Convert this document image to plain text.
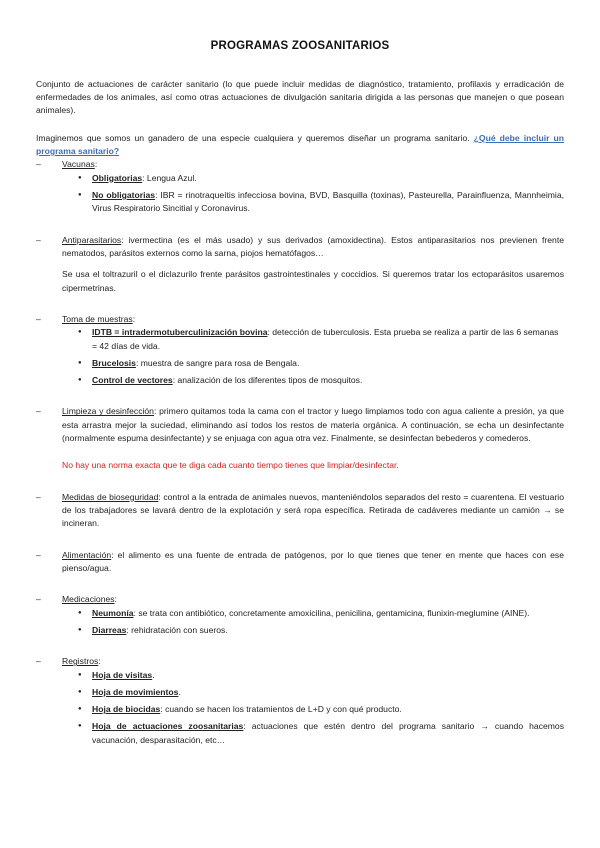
PROGRAMAS ZOOSANITARIOS

Conjunto de actuaciones de carácter sanitario (lo que puede incluir medidas de diagnóstico, tratamiento, profilaxis y erradicación de enfermedades de los animales, así como otras actuaciones de divulgación sanitaria dirigida a las personas que manejen o que posean animales).

Imaginemos que somos un ganadero de una especie cualquiera y queremos diseñar un programa sanitario. ¿Qué debe incluir un programa sanitario?

–	Vacunas:
● Obligatorias: Lengua Azul.
● No obligatorias: IBR = rinotraqueítis infecciosa bovina, BVD, Basquilla (toxinas), Pasteurella, Parainfluenza, Mannheimia, Virus Respiratorio Sincitial y Coronavirus.
–	Antiparasitarios: ivermectina (es el más usado) y sus derivados (amoxidectina). Estos antiparasitarios nos previenen frente nematodos, parásitos externos como la sarna, piojos hematófagos…

Se usa el toltrazuril o el diclazurilo frente parásitos gastrointestinales y coccidios. Si queremos tratar los ectoparásitos usaremos cipermetrinas.

–	Toma de muestras:
● IDTB = intradermotuberculinización bovina: detección de tuberculosis. Esta prueba se realiza a partir de las 6 semanas = 42 días de vida.
● Brucelosis: muestra de sangre para rosa de Bengala.
● Control de vectores: analización de los diferentes tipos de mosquitos.
–	Limpieza y desinfección: primero quitamos toda la cama con el tractor y luego limpiamos todo con agua caliente a presión, ya que esta arrastra mejor la suciedad, eliminando así todos los restos de materia orgánica. A continuación, se echa un desinfectante (normalmente espuma desinfectante) y se enjuaga con agua otra vez. Finalmente, se desinfectan bebederos y comederos.

No hay una norma exacta que te diga cada cuanto tiempo tienes que limpiar/desinfectar.

–	Medidas de bioseguridad: control a la entrada de animales nuevos, manteniéndolos separados del resto = cuarentena. El vestuario de los trabajadores se lavará dentro de la explotación y será ropa específica. Retirada de cadáveres mediante un camión → se incineran.

–	Alimentación: el alimento es una fuente de entrada de patógenos, por lo que tienes que tener en mente que haces con ese pienso/agua.

–	Medicaciones:
● Neumonía: se trata con antibiótico, concretamente amoxicilina, penicilina, gentamicina, flunixin-meglumine (AINE).
● Diarreas: rehidratación con sueros.
–	Registros:
● Hoja de visitas.
● Hoja de movimientos.
● Hoja de biocidas: cuando se hacen los tratamientos de L+D y con qué producto.
● Hoja de actuaciones zoosanitarias: actuaciones que estén dentro del programa sanitario → cuando hacemos vacunación, desparasitación, etc…
